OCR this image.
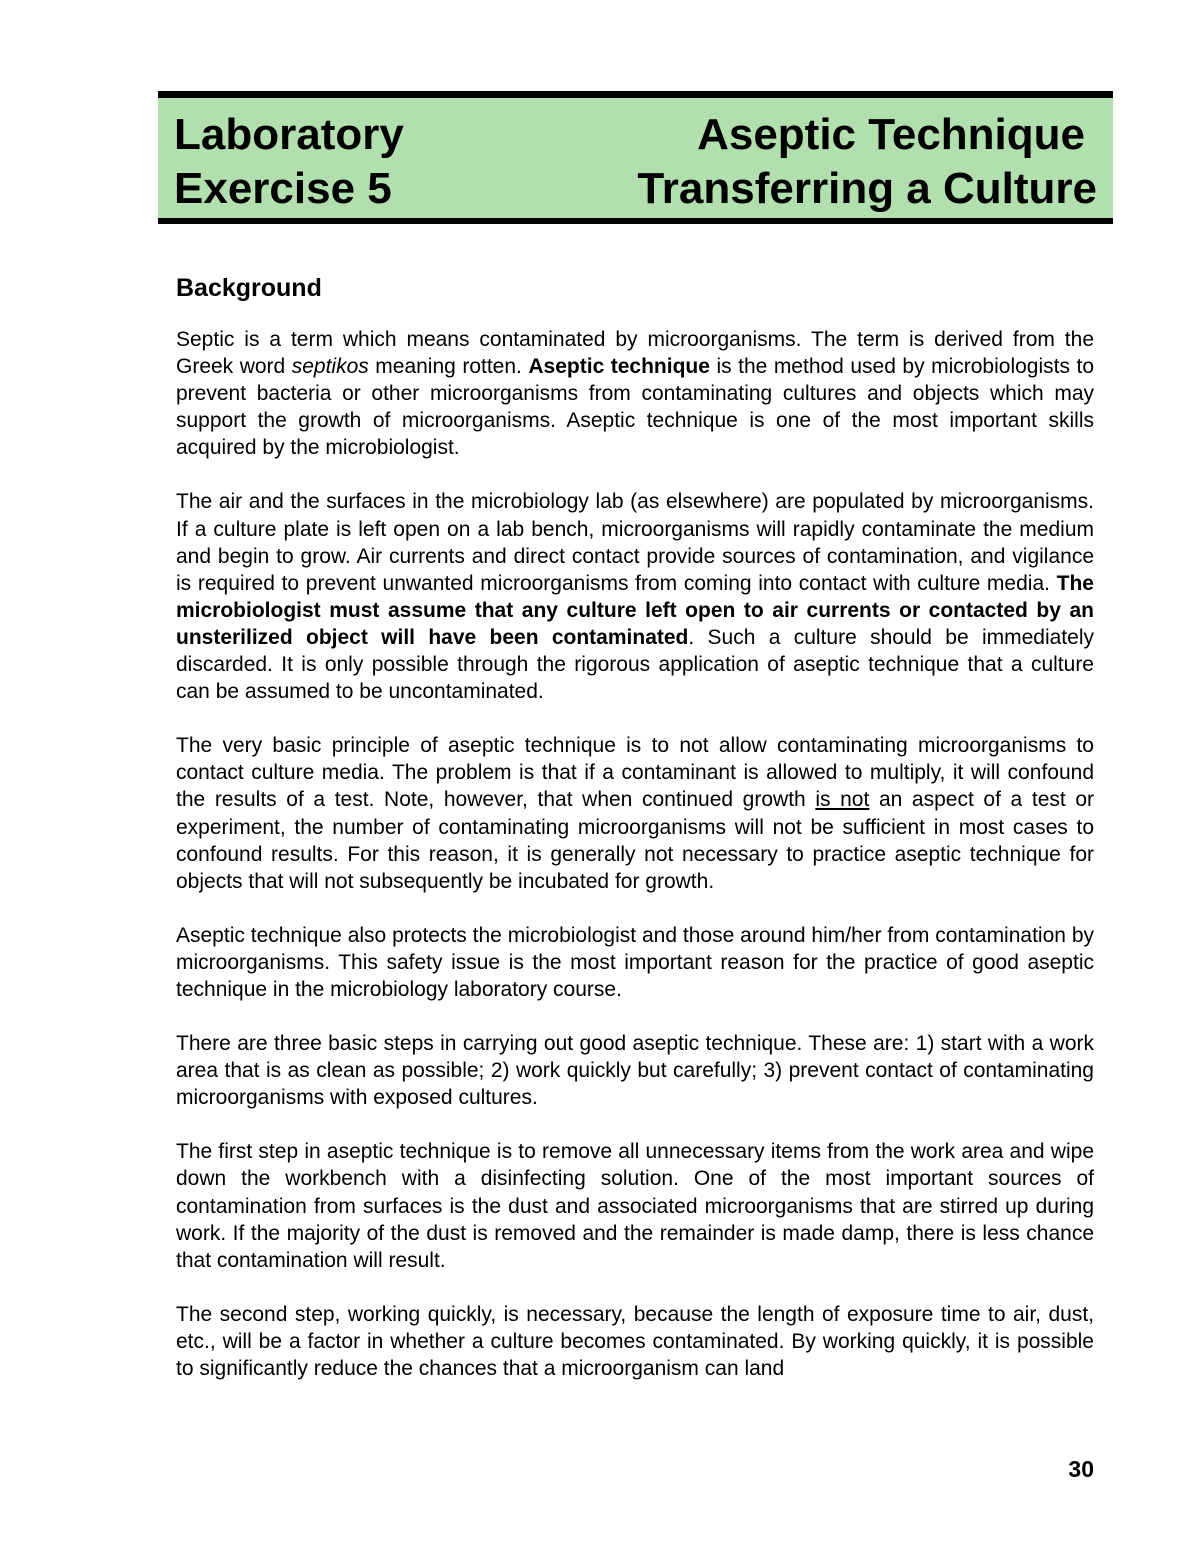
Laboratory
Exercise 5
Aseptic Technique
Transferring a Culture
Background

Septic is a term which means contaminated by microorganisms. The term is derived from the Greek word septikos meaning rotten. Aseptic technique is the method used by microbiologists to prevent bacteria or other microorganisms from contaminating cultures and objects which may support the growth of microorganisms. Aseptic technique is one of the most important skills acquired by the microbiologist.

The air and the surfaces in the microbiology lab (as elsewhere) are populated by microorganisms. If a culture plate is left open on a lab bench, microorganisms will rapidly contaminate the medium and begin to grow. Air currents and direct contact provide sources of contamination, and vigilance is required to prevent unwanted microorganisms from coming into contact with culture media. The microbiologist must assume that any culture left open to air currents or contacted by an unsterilized object will have been contaminated. Such a culture should be immediately discarded. It is only possible through the rigorous application of aseptic technique that a culture can be assumed to be uncontaminated.

The very basic principle of aseptic technique is to not allow contaminating microorganisms to contact culture media. The problem is that if a contaminant is allowed to multiply, it will confound the results of a test. Note, however, that when continued growth is not an aspect of a test or experiment, the number of contaminating microorganisms will not be sufficient in most cases to confound results. For this reason, it is generally not necessary to practice aseptic technique for objects that will not subsequently be incubated for growth.

Aseptic technique also protects the microbiologist and those around him/her from contamination by microorganisms. This safety issue is the most important reason for the practice of good aseptic technique in the microbiology laboratory course.

There are three basic steps in carrying out good aseptic technique. These are: 1) start with a work area that is as clean as possible; 2) work quickly but carefully; 3) prevent contact of contaminating microorganisms with exposed cultures.

The first step in aseptic technique is to remove all unnecessary items from the work area and wipe down the workbench with a disinfecting solution. One of the most important sources of contamination from surfaces is the dust and associated microorganisms that are stirred up during work. If the majority of the dust is removed and the remainder is made damp, there is less chance that contamination will result.

The second step, working quickly, is necessary, because the length of exposure time to air, dust, etc., will be a factor in whether a culture becomes contaminated. By working quickly, it is possible to significantly reduce the chances that a microorganism can land

30
